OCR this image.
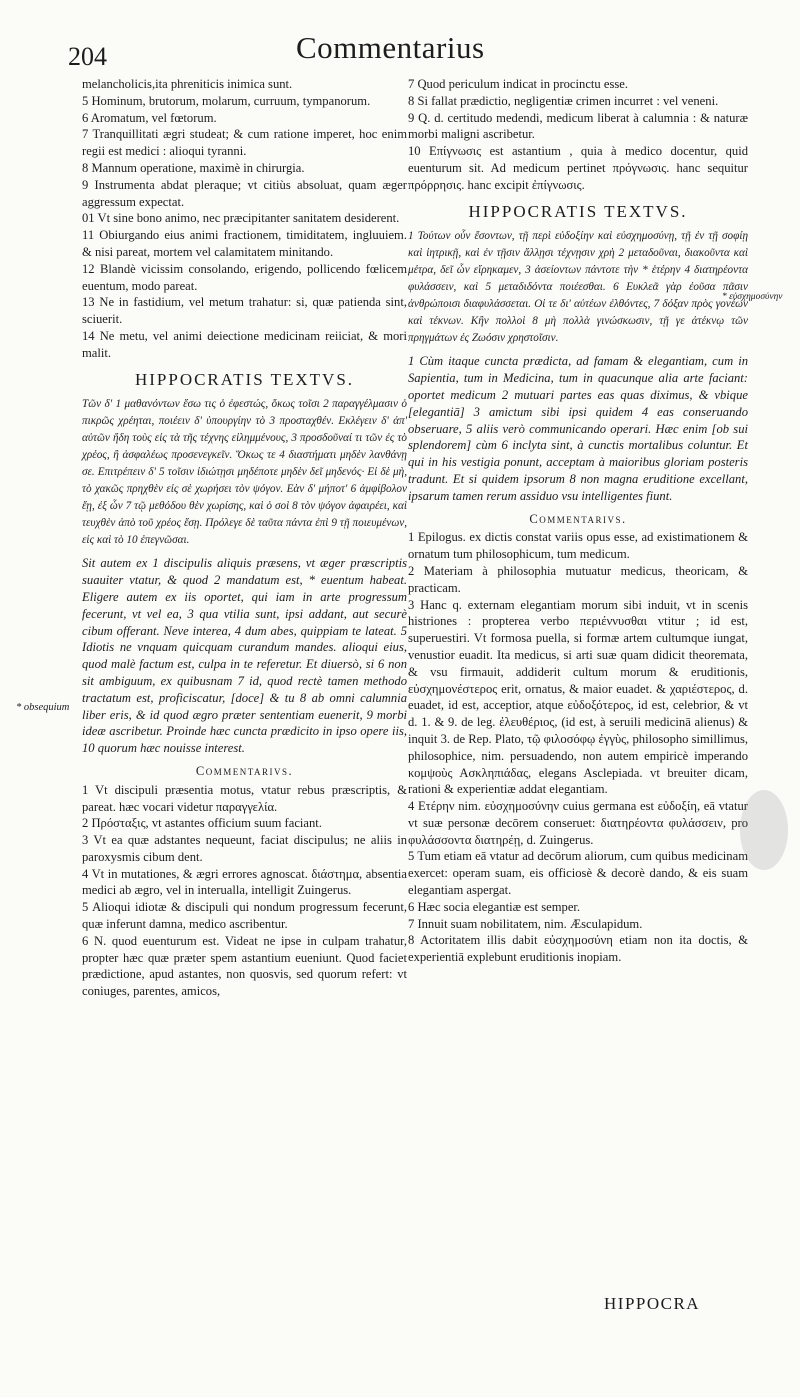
204	Commentarius

melancholicis,ita phreniticis inimica sunt.

5 Hominum, brutorum, molarum, curruum, tympanorum.

6 Aromatum, vel fœtorum.

7 Tranquillitati ægri studeat; & cum ratione imperet, hoc enim regii est medici : alioqui tyranni.

8 Mannum operatione, maximè in chirurgia.

9 Instrumenta abdat pleraque; vt citiùs absoluat, quam æger aggressum expectat.

01 Vt sine bono animo, nec præcipitanter sanitatem desiderent.

11 Obiurgando eius animi fractionem, timiditatem, ingluuiem. & nisi pareat, mortem vel calamitatem minitando.

12 Blandè vicissim consolando, erigendo, pollicendo fœlicem euentum, modo pareat.

13 Ne in fastidium, vel metum trahatur: si, quæ patienda sint, sciuerit.

14 Ne metu, vel animi deiectione medicinam reiiciat, & mori malit.

HIPPOCRATIS TEXTVS.

Τῶν δ' 1 μαθανόντων ἔσω τις ὁ ἐφεστώς, ὅκως τοῖσι 2 παραγγέλμασιν ὁ πικρῶς χρέηται, ποιέειν δ' ὑπουργίην τὸ 3 προσταχθέν. Εκλέγειν δ' ἀπ' αὐτῶν ἤδη τοὺς εἰς τὰ τῆς τέχνης εἰλημμένους, 3 προσδοῦναί τι τῶν ἐς τὸ χρέος, ἢ ἀσφαλέως προσενεγκεῖν. Ὅκως τε 4 διαστήματι μηδὲν λανθάνῃ σε. Επιτρέπειν δ' 5 τοῖσιν ἰδιώτῃσι μηδέποτε μηδὲν δεῖ μηδενός· Εἰ δὲ μὴ, τὸ χακῶς πρηχθὲν εἰς σὲ χωρήσει τὸν ψόγον. Εὰν δ' μήποτ' 6 ἀμφίβολον ἔῃ, ἐξ ὧν 7 τῷ μεθόδου θὲν χωρίσης, καὶ ὁ σοὶ 8 τὸν ψόγον ἀφαιρέει, καὶ τευχθὲν ἀπὸ τοῦ χρέος ἔσῃ. Πρόλεγε δὲ ταῦτα πάντα ἐπὶ 9 τῇ ποιευμένων, εἰς καὶ τὸ 10 ἐπεγνῶσαι.

Sit autem ex 1 discipulis aliquis præsens, vt æger præscriptis suauiter vtatur, & quod 2 mandatum est, * euentum habeat. Eligere autem ex iis oportet, qui iam in arte progressum fecerunt, vt vel ea, 3 qua vtilia sunt, ipsi addant, aut securè cibum offerant. Neve interea, 4 dum abes, quippiam te lateat. 5 Idiotis ne vnquam quicquam curandum mandes. alioqui eius, quod malè factum est, culpa in te referetur. Et diuersò, si 6 non sit ambiguum, ex quibusnam 7 id, quod rectè tamen methodo tractatum est, proficiscatur, [doce] & tu 8 ab omni calumnia liber eris, & id quod ægro præter sententiam euenerit, 9 morbi ideæ ascribetur. Proinde hæc cuncta prædicito in ipso opere iis, 10 quorum hæc nouisse interest.

Commentarivs.

1 Vt discipuli præsentia motus, vtatur rebus præscriptis, & pareat. hæc vocari videtur παραγγελία.

2 Πρόσταξις, vt astantes officium suum faciant.

3 Vt ea quæ adstantes nequeunt, faciat discipulus; ne aliis in paroxysmis cibum dent.

4 Vt in mutationes, & ægri errores agnoscat. διάστημα, absentia medici ab ægro, vel in interualla, intelligit Zuingerus.

5 Alioqui idiotæ & discipuli qui nondum progressum fecerunt, quæ inferunt damna, medico ascribentur.

6 N. quod euenturum est. Videat ne ipse in culpam trahatur, propter hæc quæ præter spem astantium eueniunt. Quod faciet prædictione, apud astantes, non quosvis, sed quorum refert: vt coniuges, parentes, amicos,

* obsequium

7 Quod periculum indicat in procinctu esse.

8 Si fallat prædictio, negligentiæ crimen incurret : vel veneni.

9 Q. d. certitudo medendi, medicum liberat à calumnia : & naturæ morbi maligni ascribetur.

10 Επίγνωσις est astantium , quia à medico docentur, quid euenturum sit. Ad medicum pertinet πρόγνωσις. hanc sequitur πρόρρησις. hanc excipit ἐπίγνωσις.

HIPPOCRATIS TEXTVS.

1 Τούτων οὖν ἔσοντων, τῇ περὶ εὐδοξίην καὶ εὐσχημοσύνῃ, τῇ ἐν τῇ σοφίῃ καὶ ἰητρικῇ, καὶ ἐν τῇσιν ἄλλῃσι τέχνῃσιν χρὴ 2 μεταδοῦναι, διακοῦντα καὶ μέτρα, δεῖ ὧν εἴρηκαμεν, 3 ἀσείοντων πάντοτε τὴν * ἑτέρην 4 διατηρέοντα φυλάσσειν, καὶ 5 μεταδιδόντα ποιέεσθαι. 6 Ευκλεᾶ γὰρ ἐοῦσα πᾶσιν ἀνθρώποισι διαφυλάσσεται. Οἱ τε δι' αὐτέων ἐλθόντες, 7 δόξαν πρὸς γονέων καὶ τέκνων. Κἢν πολλοὶ 8 μὴ πολλὰ γινώσκωσιν, τῇ γε ἀτέκνῳ τῶν πρηγμάτων ἐς Ζωόσιν χρηστοῖσιν.

1 Cùm itaque cuncta prædicta, ad famam & elegantiam, cum in Sapientia, tum in Medicina, tum in quacunque alia arte faciant: oportet medicum 2 mutuari partes eas quas diximus, & vbique [elegantiā] 3 amictum sibi ipsi quidem 4 eas conseruando obseruare, 5 aliis verò communicando operari. Hæc enim [ob sui splendorem] cùm 6 inclyta sint, à cunctis mortalibus coluntur. Et qui in his vestigia ponunt, acceptam à maioribus gloriam posteris tradunt. Et si quidem ipsorum 8 non magna eruditione excellant, ipsarum tamen rerum assiduo vsu intelligentes fiunt.

Commentarivs.

1 Epilogus. ex dictis constat variis opus esse, ad existimationem & ornatum tum philosophicum, tum medicum.

2 Materiam à philosophia mutuatur medicus, theoricam, & practicam.

3 Hanc q. externam elegantiam morum sibi induit, vt in scenis histriones : propterea verbo περιέννυσθαι vtitur ; id est, superuestiri. Vt formosa puella, si formæ artem cultumque iungat, venustior euadit. Ita medicus, si arti suæ quam didicit theoremata, & vsu firmauit, addiderit cultum morum & eruditionis, εὐσχημονέστερος erit, ornatus, & maior euadet. & χαριέστερος, d. euadet, id est, acceptior, atque εὐδοξότερος, id est, celebrior, & vt d. 1. & 9. de leg. ἐλευθέριος, (id est, à seruili medicinā alienus) & inquit 3. de Rep. Plato, τῷ φιλοσόφῳ ἐγγὺς, philosopho simillimus, philosophice, nim. persuadendo, non autem empiricè imperando κομψοὺς Ασκληπιάδας, elegans Asclepiada. vt breuiter dicam, rationi & experientiæ addat elegantiam.

4 Ετέρην nim. εὐσχημοσύνην cuius germana est εὐδοξίη, eā vtatur vt suæ personæ decōrem conseruet: διατηρέοντα φυλάσσειν, pro φυλάσσοντα διατηρέῃ, d. Zuingerus.

5 Tum etiam eā vtatur ad decōrum aliorum, cum quibus medicinam exercet: operam suam, eis officiosè & decorè dando, & eis suam elegantiam aspergat.

6 Hæc socia elegantiæ est semper.

7 Innuit suam nobilitatem, nim. Æsculapidum.

8 Actoritatem illis dabit εὐσχημοσύνη etiam non ita doctis, & experientiā explebunt eruditionis inopiam.

* εὐσχημοσύνην
HIPPOCRA
